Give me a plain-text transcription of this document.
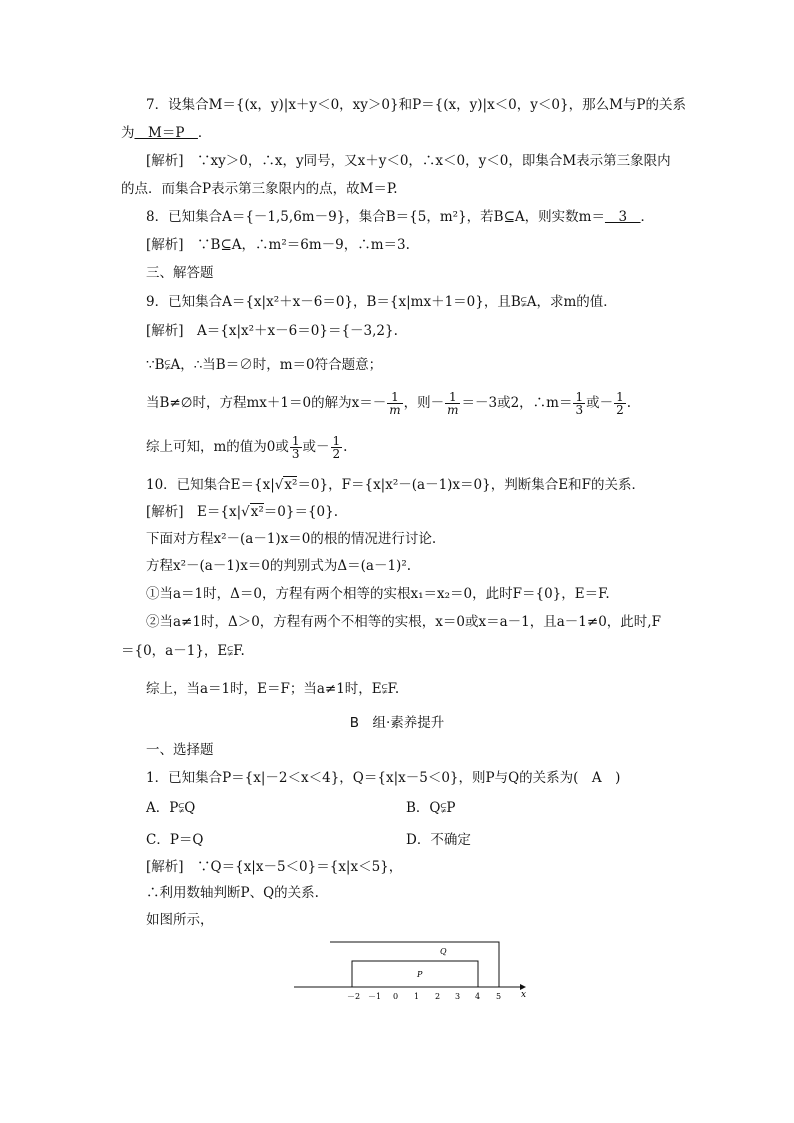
7．设集合M＝{(x，y)|x＋y＜0，xy＞0}和P＝{(x，y)|x＜0，y＜0}，那么M与P的关系
为　M＝P　．
[解析]　∵xy＞0，∴x，y同号，又x＋y＜0，∴x＜0，y＜0，即集合M表示第三象限内
的点．而集合P表示第三象限内的点，故M＝P.
8．已知集合A＝{－1,5,6m－9}，集合B＝{5，m²}，若B⊆A，则实数m＝　3　．
[解析]　∵B⊆A，∴m²＝6m－9，∴m＝3.
三、解答题
9．已知集合A＝{x|x²＋x－6＝0}，B＝{x|mx＋1＝0}，且B⫋A，求m的值．
[解析]　A＝{x|x²＋x－6＝0}＝{－3,2}.
∵B⫋A，∴当B＝∅时，m＝0符合题意；
当B≠∅时，方程mx＋1＝0的解为$x=- \frac{1}{m}$ ，则－ $\frac{1}{m} =-3$或2，∴m＝ $\frac{1}{3}$ 或－ $\frac{1}{2}$ .
综上可知，m的值为0或 $\frac{1}{3}$ 或－ $\frac{1}{2}$ .
10．已知集合E＝{x|√x²＝0}，F＝{x|x²－(a－1)x＝0}，判断集合E和F的关系．
[解析]　E＝{x|√x²＝0}＝{0}.
下面对方程x²－(a－1)x＝0的根的情况进行讨论.
方程x²－(a－1)x＝0的判别式为Δ＝(a－1)².
①当a＝1时，Δ＝0，方程有两个相等的实根x₁＝x₂＝0，此时F＝{0}，E＝F.
②当a≠1时，Δ＞0，方程有两个不相等的实根，x＝0或x＝a－1，且a－1≠0，此时,F
＝{0，a－1}，E⫋F.
综上，当a＝1时，E＝F；当a≠1时，E⫋F.
B　组·素养提升
一、选择题
1．已知集合P＝{x|－2＜x＜4}，Q＝{x|x－5＜0}，则P与Q的关系为(　A　)
A．P⫋Q	B．Q⫋P
C．P＝Q	D．不确定
[解析]　∵Q＝{x|x－5＜0}＝{x|x＜5}，
∴利用数轴判断P、Q的关系.
如图所示，
x
Q
P
－2 －1 0 1 2 3 4 5
